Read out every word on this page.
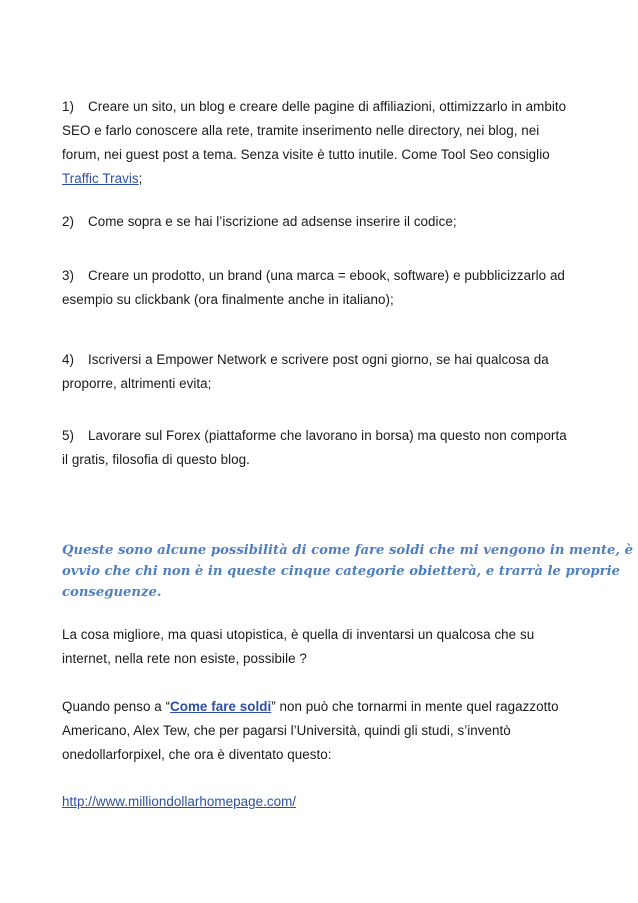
1) Creare un sito, un blog e creare delle pagine di affiliazioni, ottimizzarlo in ambito
SEO e farlo conoscere alla rete, tramite inserimento nelle directory, nei blog, nei
forum, nei guest post a tema. Senza visite è tutto inutile. Come Tool Seo consiglio
Traffic Travis;
2) Come sopra e se hai l’iscrizione ad adsense inserire il codice;
3) Creare un prodotto, un brand (una marca = ebook, software) e pubblicizzarlo ad
esempio su clickbank (ora finalmente anche in italiano);
4) Iscriversi a Empower Network e scrivere post ogni giorno, se hai qualcosa da
proporre, altrimenti evita;
5) Lavorare sul Forex (piattaforme che lavorano in borsa) ma questo non comporta
il gratis, filosofia di questo blog.
Queste sono alcune possibilità di come fare soldi che mi vengono in mente, è
ovvio che chi non è in queste cinque categorie obietterà, e trarrà le proprie
conseguenze.
La cosa migliore, ma quasi utopistica, è quella di inventarsi un qualcosa che su
internet, nella rete non esiste, possibile ?
Quando penso a “Come fare soldi” non può che tornarmi in mente quel ragazzotto
Americano, Alex Tew, che per pagarsi l’Università, quindi gli studi, s’inventò
onedollarforpixel, che ora è diventato questo:
http://www.milliondollarhomepage.com/
